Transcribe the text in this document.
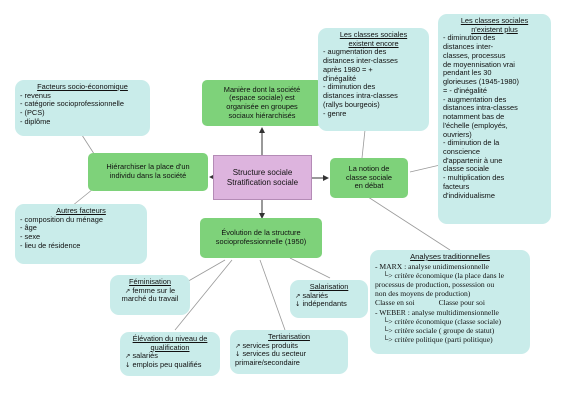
Facteurs socio-économique
- revenus
- catégorie socioprofessionnelle
- (PCS)
- diplôme
Autres facteurs
- composition du ménage
- âge
- sexe
- lieu de résidence
Hiérarchiser la place d'un
individu dans la société
Manière dont la société
(espace sociale) est
organisée en groupes
sociaux hiérarchisés
Structure sociale
Stratification sociale
La notion de
classe sociale
en débat
Évolution de la structure
socioprofessionnelle (1950)
Les classes sociales
existent encore
- augmentation des
distances inter-classes
après 1980 = +
d'inégalité
- diminution des
distances intra-classes
(rallys bourgeois)
- genre
Les classes sociales
n'existent plus
- diminution des
distances inter-
classes, processus
de moyennisation vrai
pendant les 30
glorieuses (1945-1980)
= - d'inégalité
- augmentation des
distances intra-classes
notamment bas de
l'échelle (employés,
ouvriers)
- diminution de la
conscience
d'appartenir à une
classe sociale
- multiplication des
facteurs
d'individualisme
Analyses traditionnelles
- MARX : analyse unidimensionnelle
└> critère économique (la place dans le
processus de production, possession ou
non des moyens de production)
Classe en soi	Classe pour soi
- WEBER : analyse multidimensionnelle
└> critère économique (classe sociale)
└> critère sociale ( groupe de statut)
└> critère politique (parti politique)
Féminisation
↗ femme sur le
marché du travail
Salarisation
↗ salariés
↓ indépendants
Élévation du niveau de
qualification
↗ salariés
↓ emplois peu qualifiés
Tertiarisation
↗ services produits
↓ services du secteur
primaire/secondaire
